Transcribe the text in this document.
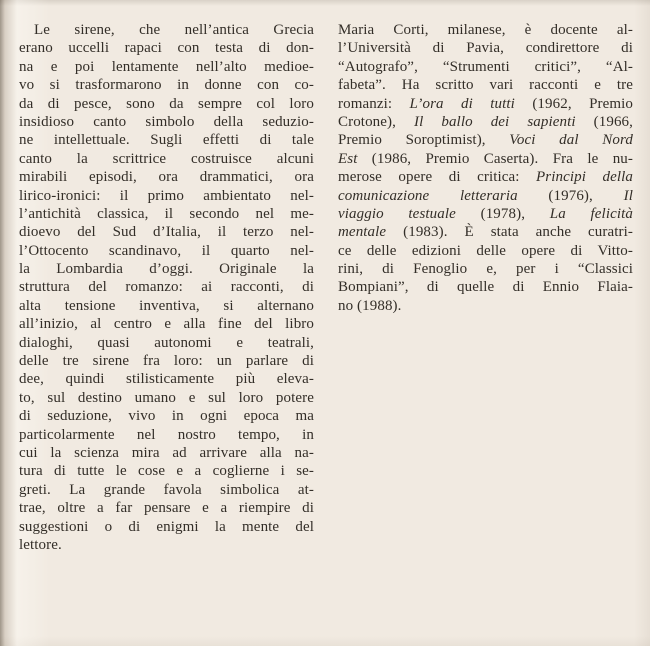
Le sirene, che nell’antica Grecia
erano uccelli rapaci con testa di don-
na e poi lentamente nell’alto medioe-
vo si trasformarono in donne con co-
da di pesce, sono da sempre col loro
insidioso canto simbolo della seduzio-
ne intellettuale. Sugli effetti di tale
canto la scrittrice costruisce alcuni
mirabili episodi, ora drammatici, ora
lirico-ironici: il primo ambientato nel-
l’antichità classica, il secondo nel me-
dioevo del Sud d’Italia, il terzo nel-
l’Ottocento scandinavo, il quarto nel-
la Lombardia d’oggi. Originale la
struttura del romanzo: ai racconti, di
alta tensione inventiva, si alternano
all’inizio, al centro e alla fine del libro
dialoghi, quasi autonomi e teatrali,
delle tre sirene fra loro: un parlare di
dee, quindi stilisticamente più eleva-
to, sul destino umano e sul loro potere
di seduzione, vivo in ogni epoca ma
particolarmente nel nostro tempo, in
cui la scienza mira ad arrivare alla na-
tura di tutte le cose e a coglierne i se-
greti. La grande favola simbolica at-
trae, oltre a far pensare e a riempire di
suggestioni o di enigmi la mente del
lettore.
Maria Corti, milanese, è docente al-
l’Università di Pavia, condirettore di
“Autografo”, “Strumenti critici”, “Al-
fabeta”. Ha scritto vari racconti e tre
romanzi: L’ora di tutti (1962, Premio
Crotone), Il ballo dei sapienti (1966,
Premio Soroptimist), Voci dal Nord
Est (1986, Premio Caserta). Fra le nu-
merose opere di critica: Principi della
comunicazione letteraria (1976), Il
viaggio testuale (1978), La felicità
mentale (1983). È stata anche curatri-
ce delle edizioni delle opere di Vitto-
rini, di Fenoglio e, per i “Classici
Bompiani”, di quelle di Ennio Flaia-
no (1988).
